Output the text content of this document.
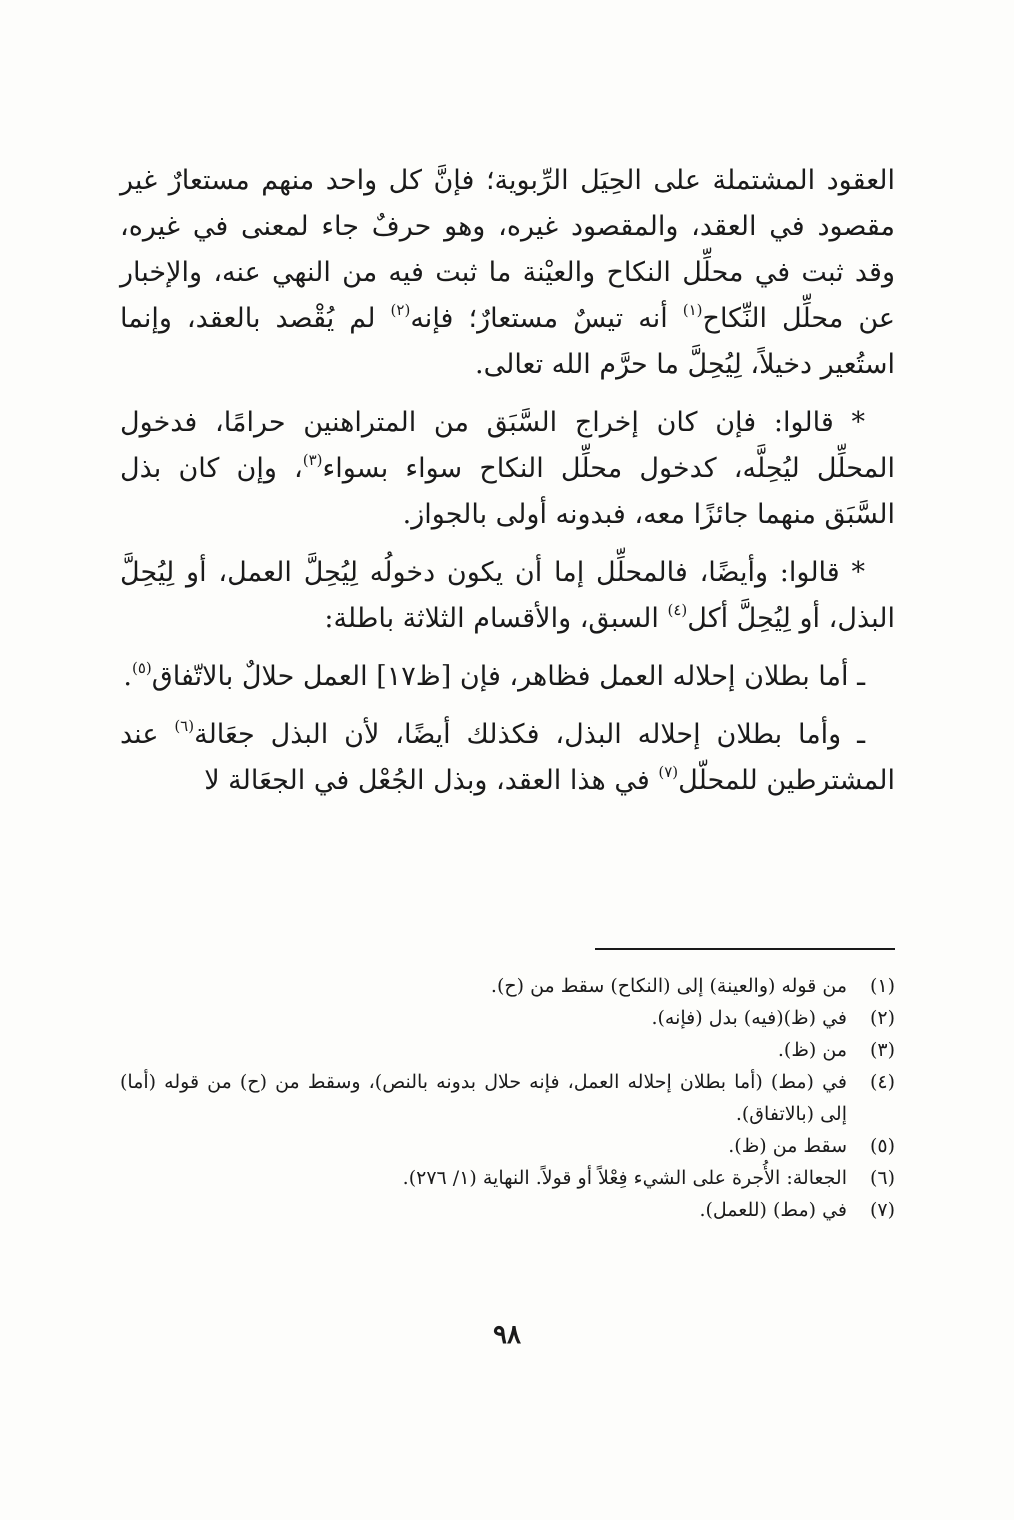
العقود المشتملة على الحِيَل الرِّبوية؛ فإنَّ كل واحد منهم مستعارٌ غير مقصود في العقد، والمقصود غيره، وهو حرفٌ جاء لمعنى في غيره، وقد ثبت في محلِّل النكاح والعيْنة ما ثبت فيه من النهي عنه، والإخبار عن محلِّل النِّكاح$^{(١)}$ أنه تيسٌ مستعارٌ؛ فإنه$^{(٢)}$ لم يُقْصد بالعقد، وإنما استُعير دخيلاً، لِيُحِلَّ ما حرَّم الله تعالى.

* قالوا: فإن كان إخراج السَّبَق من المتراهنين حرامًا، فدخول المحلِّل ليُحِلَّه، كدخول محلِّل النكاح سواء بسواء$^{(٣)}$، وإن كان بذل السَّبَق منهما جائزًا معه، فبدونه أولى بالجواز.

* قالوا: وأيضًا، فالمحلِّل إما أن يكون دخولُه لِيُحِلَّ العمل، أو لِيُحِلَّ البذل، أو لِيُحِلَّ أكل$^{(٤)}$ السبق، والأقسام الثلاثة باطلة:

ـ أما بطلان إحلاله العمل فظاهر، فإن [ظ١٧] العمل حلالٌ بالاتّفاق$^{(٥)}$.

ـ وأما بطلان إحلاله البذل، فكذلك أيضًا، لأن البذل جعَالة$^{(٦)}$ عند المشترطين للمحلّل$^{(٧)}$ في هذا العقد، وبذل الجُعْل في الجعَالة لا

(١)
من قوله (والعينة) إلى (النكاح) سقط من (ح).
(٢)
في (ظ)(فيه) بدل (فإنه).
(٣)
من (ظ).
(٤)
في (مط) (أما بطلان إحلاله العمل، فإنه حلال بدونه بالنص)، وسقط من (ح) من قوله (أما) إلى (بالاتفاق).
(٥)
سقط من (ظ).
(٦)
الجعالة: الأُجرة على الشيء فِعْلاً أو قولاً. النهاية (١/ ٢٧٦).
(٧)
في (مط) (للعمل).
٩٨
